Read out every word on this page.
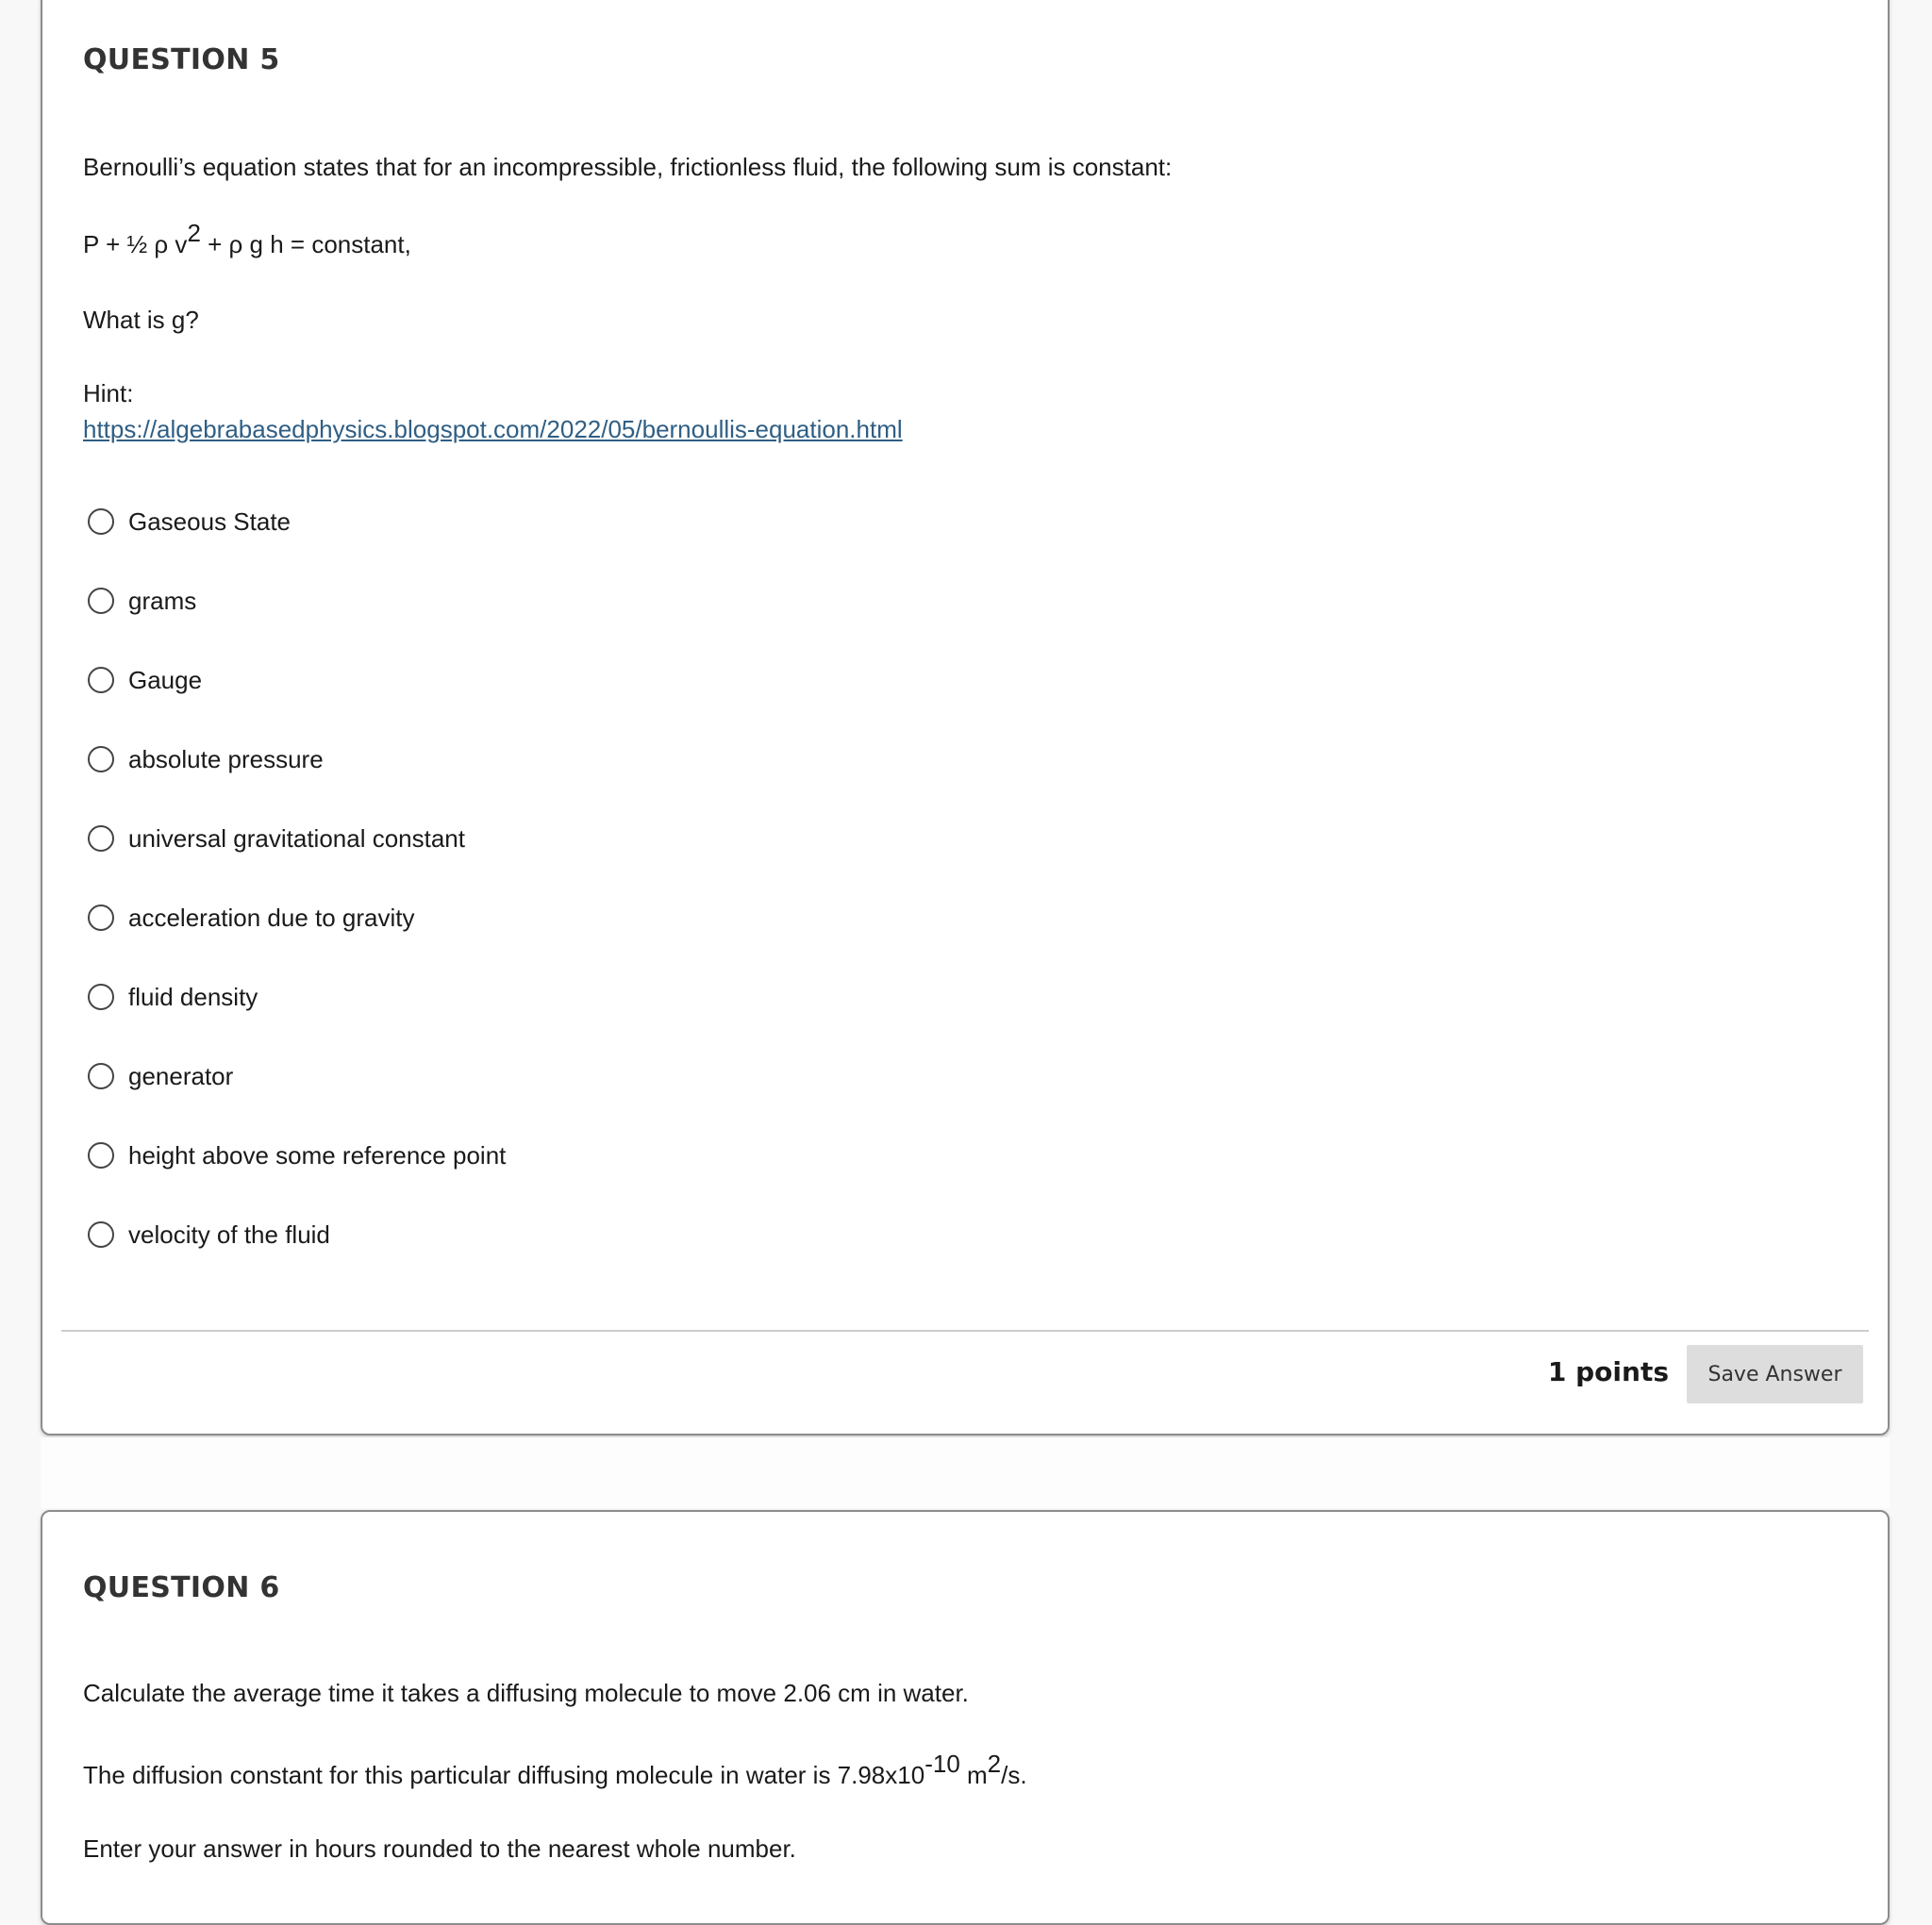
QUESTION 5

Bernoulli’s equation states that for an incompressible, frictionless fluid, the following sum is constant:

P + ½ ρ $v^2 + \rho$ g h = constant,

What is g?

Hint:

https://algebrabasedphysics.blogspot.com/2022/05/bernoullis-equation.html
Gaseous State
grams
Gauge
absolute pressure
universal gravitational constant
acceleration due to gravity
fluid density
generator
height above some reference point
velocity of the fluid
1 points	Save Answer
QUESTION 6

Calculate the average time it takes a diffusing molecule to move 2.06 cm in water.

The diffusion constant for this particular diffusing molecule in water is $7.98x10^{-10}$ $m^2/s$.

Enter your answer in hours rounded to the nearest whole number.
